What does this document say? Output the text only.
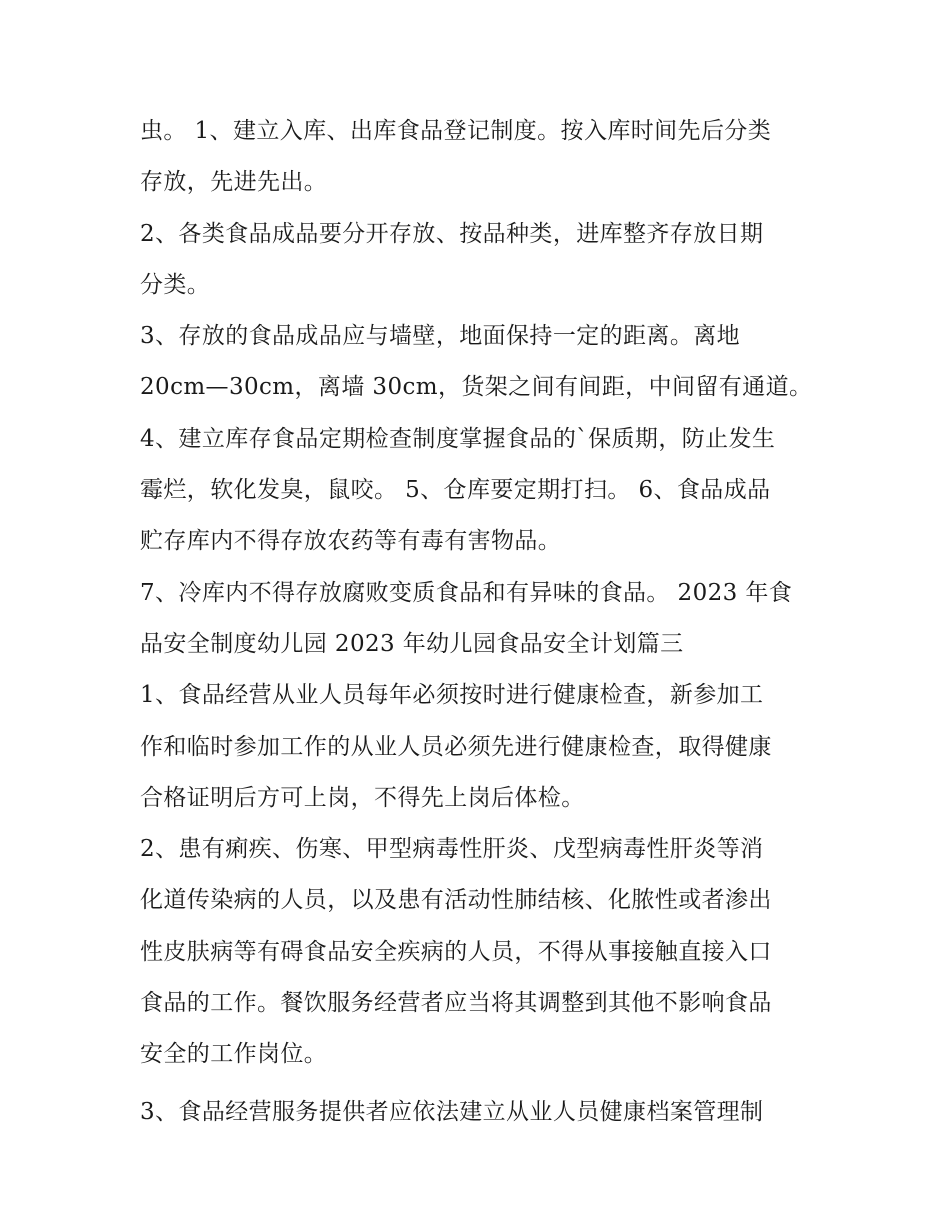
虫。 1、建立入库、出库食品登记制度。按入库时间先后分类
存放，先进先出。
2、各类食品成品要分开存放、按品种类，进库整齐存放日期
分类。
3、存放的食品成品应与墙壁，地面保持一定的距离。离地
20cm—30cm，离墙 30cm，货架之间有间距，中间留有通道。
4、建立库存食品定期检查制度掌握食品的`保质期，防止发生
霉烂，软化发臭，鼠咬。 5、仓库要定期打扫。 6、食品成品
贮存库内不得存放农药等有毒有害物品。
7、冷库内不得存放腐败变质食品和有异味的食品。 2023 年食
品安全制度幼儿园 2023 年幼儿园食品安全计划篇三
1、食品经营从业人员每年必须按时进行健康检查，新参加工
作和临时参加工作的从业人员必须先进行健康检查，取得健康
合格证明后方可上岗，不得先上岗后体检。
2、患有痢疾、伤寒、甲型病毒性肝炎、戊型病毒性肝炎等消
化道传染病的人员，以及患有活动性肺结核、化脓性或者渗出
性皮肤病等有碍食品安全疾病的人员，不得从事接触直接入口
食品的工作。餐饮服务经营者应当将其调整到其他不影响食品
安全的工作岗位。
3、食品经营服务提供者应依法建立从业人员健康档案管理制
